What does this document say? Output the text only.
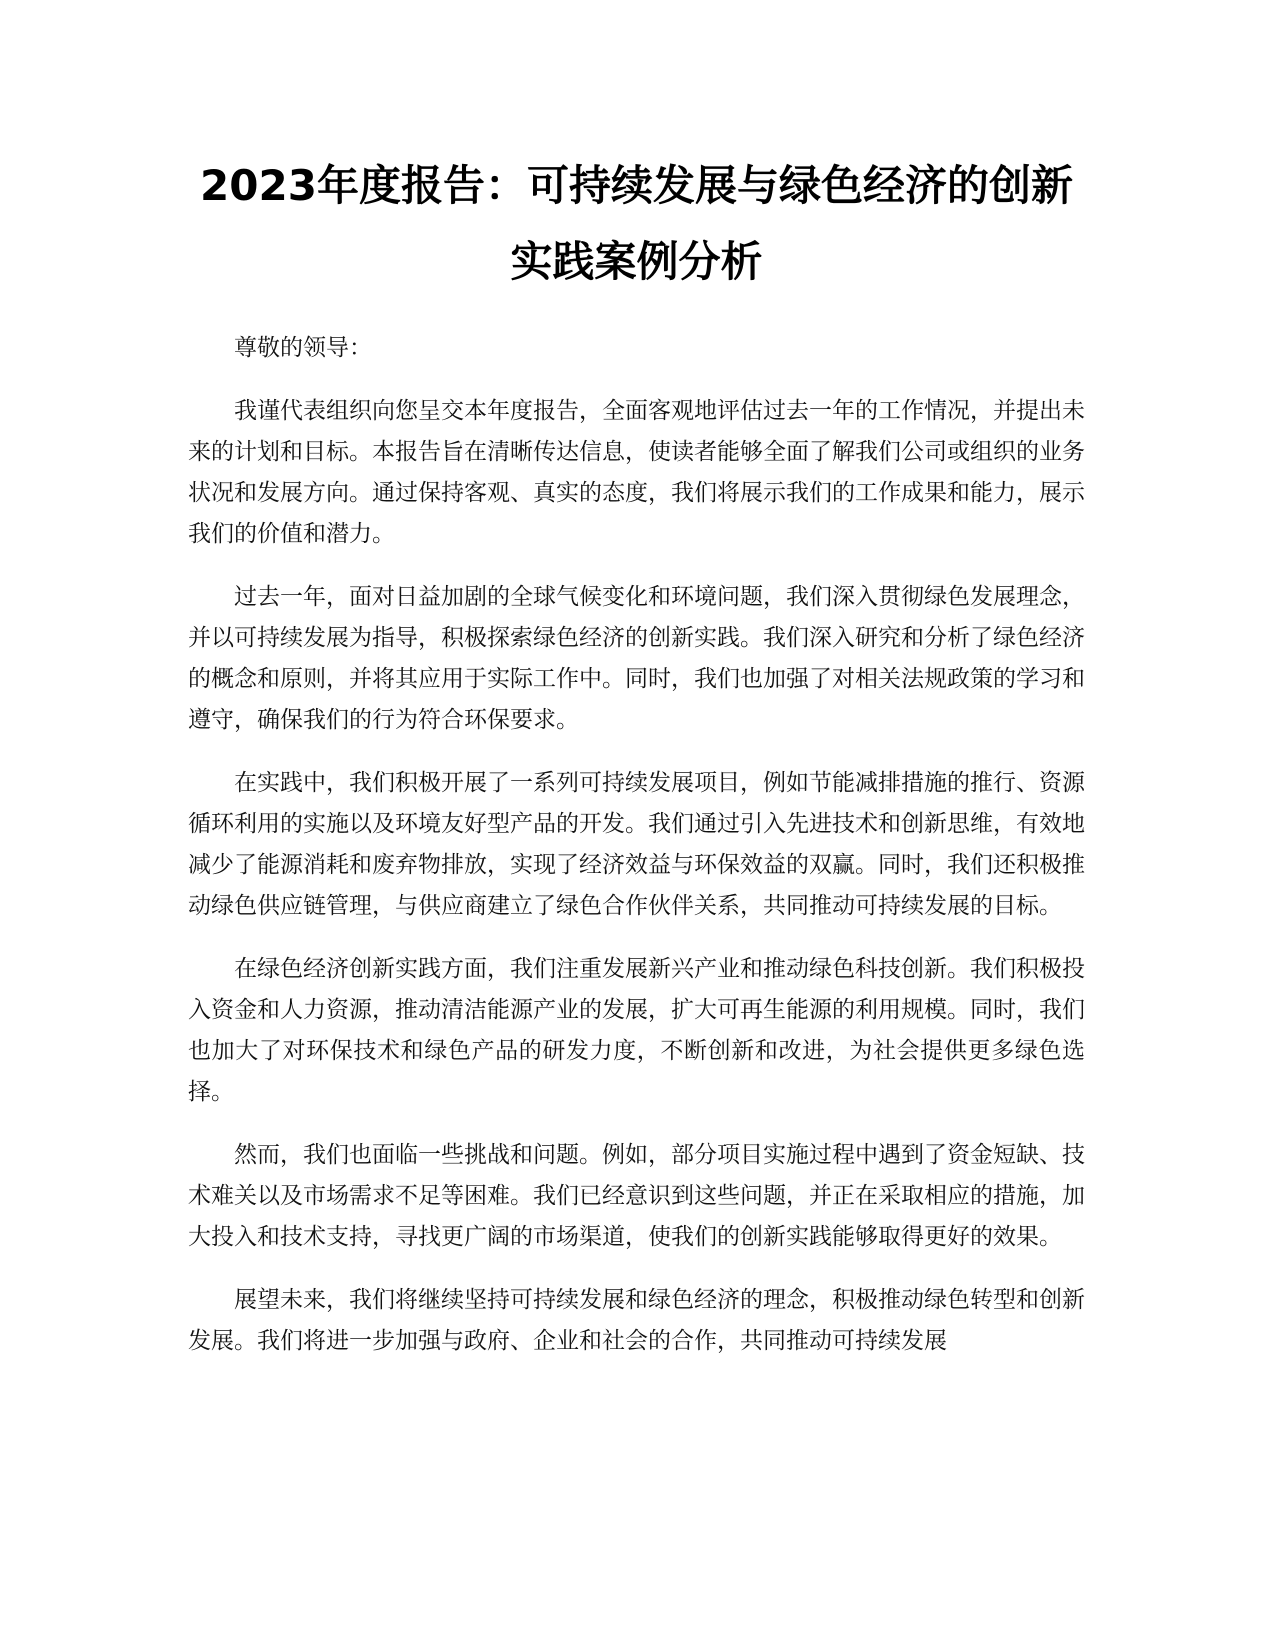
2023年度报告：可持续发展与绿色经济的创新实践案例分析

尊敬的领导：

我谨代表组织向您呈交本年度报告，全面客观地评估过去一年的工作情况，并提出未来的计划和目标。本报告旨在清晰传达信息，使读者能够全面了解我们公司或组织的业务状况和发展方向。通过保持客观、真实的态度，我们将展示我们的工作成果和能力，展示我们的价值和潜力。

过去一年，面对日益加剧的全球气候变化和环境问题，我们深入贯彻绿色发展理念，并以可持续发展为指导，积极探索绿色经济的创新实践。我们深入研究和分析了绿色经济的概念和原则，并将其应用于实际工作中。同时，我们也加强了对相关法规政策的学习和遵守，确保我们的行为符合环保要求。

在实践中，我们积极开展了一系列可持续发展项目，例如节能减排措施的推行、资源循环利用的实施以及环境友好型产品的开发。我们通过引入先进技术和创新思维，有效地减少了能源消耗和废弃物排放，实现了经济效益与环保效益的双赢。同时，我们还积极推动绿色供应链管理，与供应商建立了绿色合作伙伴关系，共同推动可持续发展的目标。

在绿色经济创新实践方面，我们注重发展新兴产业和推动绿色科技创新。我们积极投入资金和人力资源，推动清洁能源产业的发展，扩大可再生能源的利用规模。同时，我们也加大了对环保技术和绿色产品的研发力度，不断创新和改进，为社会提供更多绿色选择。

然而，我们也面临一些挑战和问题。例如，部分项目实施过程中遇到了资金短缺、技术难关以及市场需求不足等困难。我们已经意识到这些问题，并正在采取相应的措施，加大投入和技术支持，寻找更广阔的市场渠道，使我们的创新实践能够取得更好的效果。

展望未来，我们将继续坚持可持续发展和绿色经济的理念，积极推动绿色转型和创新发展。我们将进一步加强与政府、企业和社会的合作，共同推动可持续发展
